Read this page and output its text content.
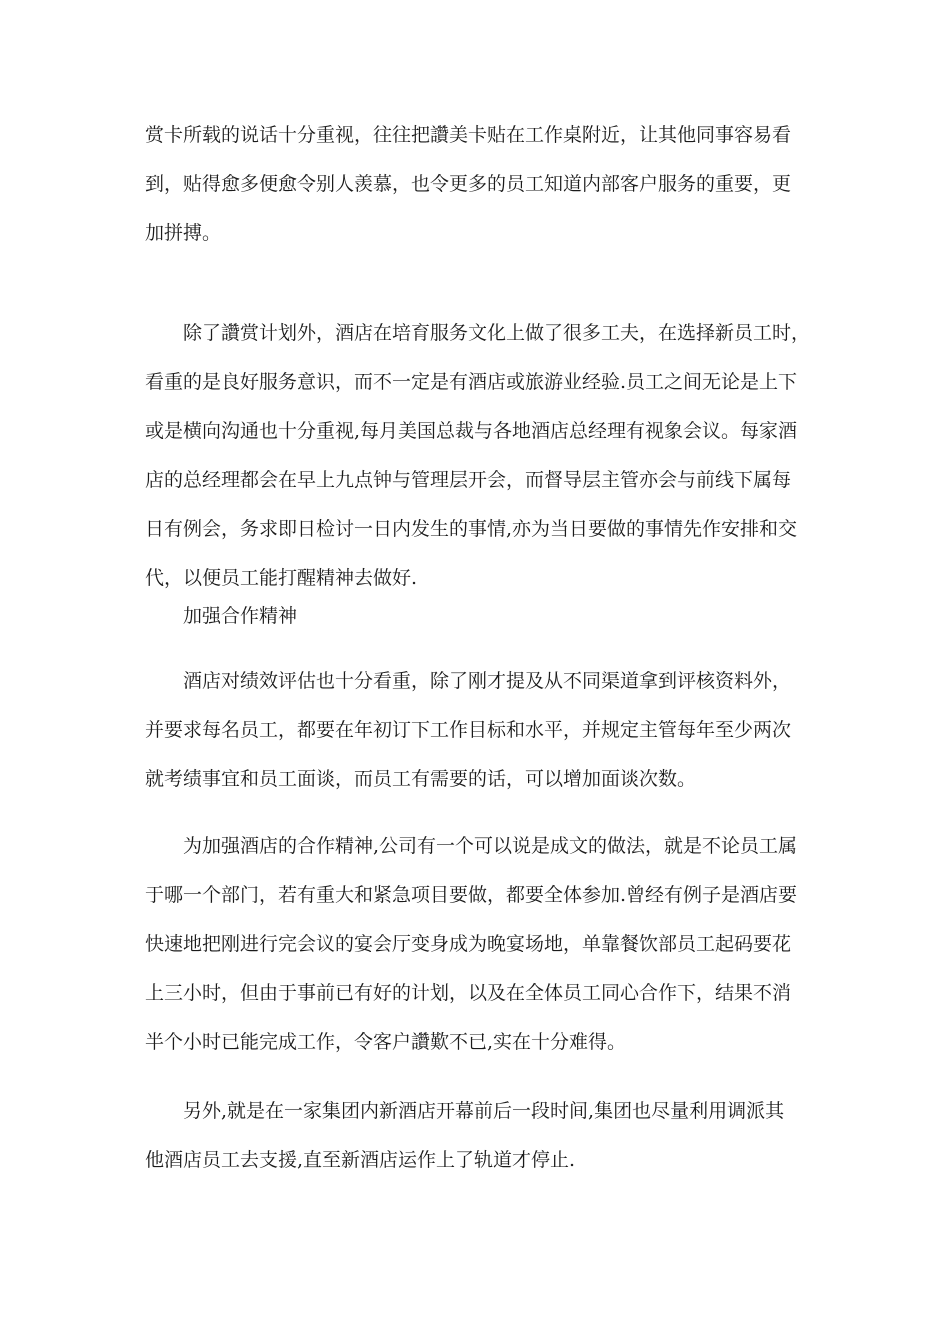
赏卡所载的说话十分重视，往往把讚美卡贴在工作桌附近，让其他同事容易看
到，贴得愈多便愈令别人羡慕，也令更多的员工知道内部客户服务的重要，更
加拼搏。
除了讚赏计划外，酒店在培育服务文化上做了很多工夫，在选择新员工时，
看重的是良好服务意识，而不一定是有酒店或旅游业经验.员工之间无论是上下
或是横向沟通也十分重视,每月美国总裁与各地酒店总经理有视象会议。每家酒
店的总经理都会在早上九点钟与管理层开会，而督导层主管亦会与前线下属每
日有例会，务求即日检讨一日内发生的事情,亦为当日要做的事情先作安排和交
代，以便员工能打醒精神去做好.
加强合作精神
酒店对绩效评估也十分看重，除了刚才提及从不同渠道拿到评核资料外，
并要求每名员工，都要在年初订下工作目标和水平，并规定主管每年至少两次
就考绩事宜和员工面谈，而员工有需要的话，可以增加面谈次数。
为加强酒店的合作精神,公司有一个可以说是成文的做法，就是不论员工属
于哪一个部门，若有重大和紧急项目要做，都要全体参加.曾经有例子是酒店要
快速地把刚进行完会议的宴会厅变身成为晚宴场地，单靠餐饮部员工起码要花
上三小时，但由于事前已有好的计划，以及在全体员工同心合作下，结果不消
半个小时已能完成工作，令客户讚歎不已,实在十分难得。
另外,就是在一家集团内新酒店开幕前后一段时间,集团也尽量利用调派其
他酒店员工去支援,直至新酒店运作上了轨道才停止.
